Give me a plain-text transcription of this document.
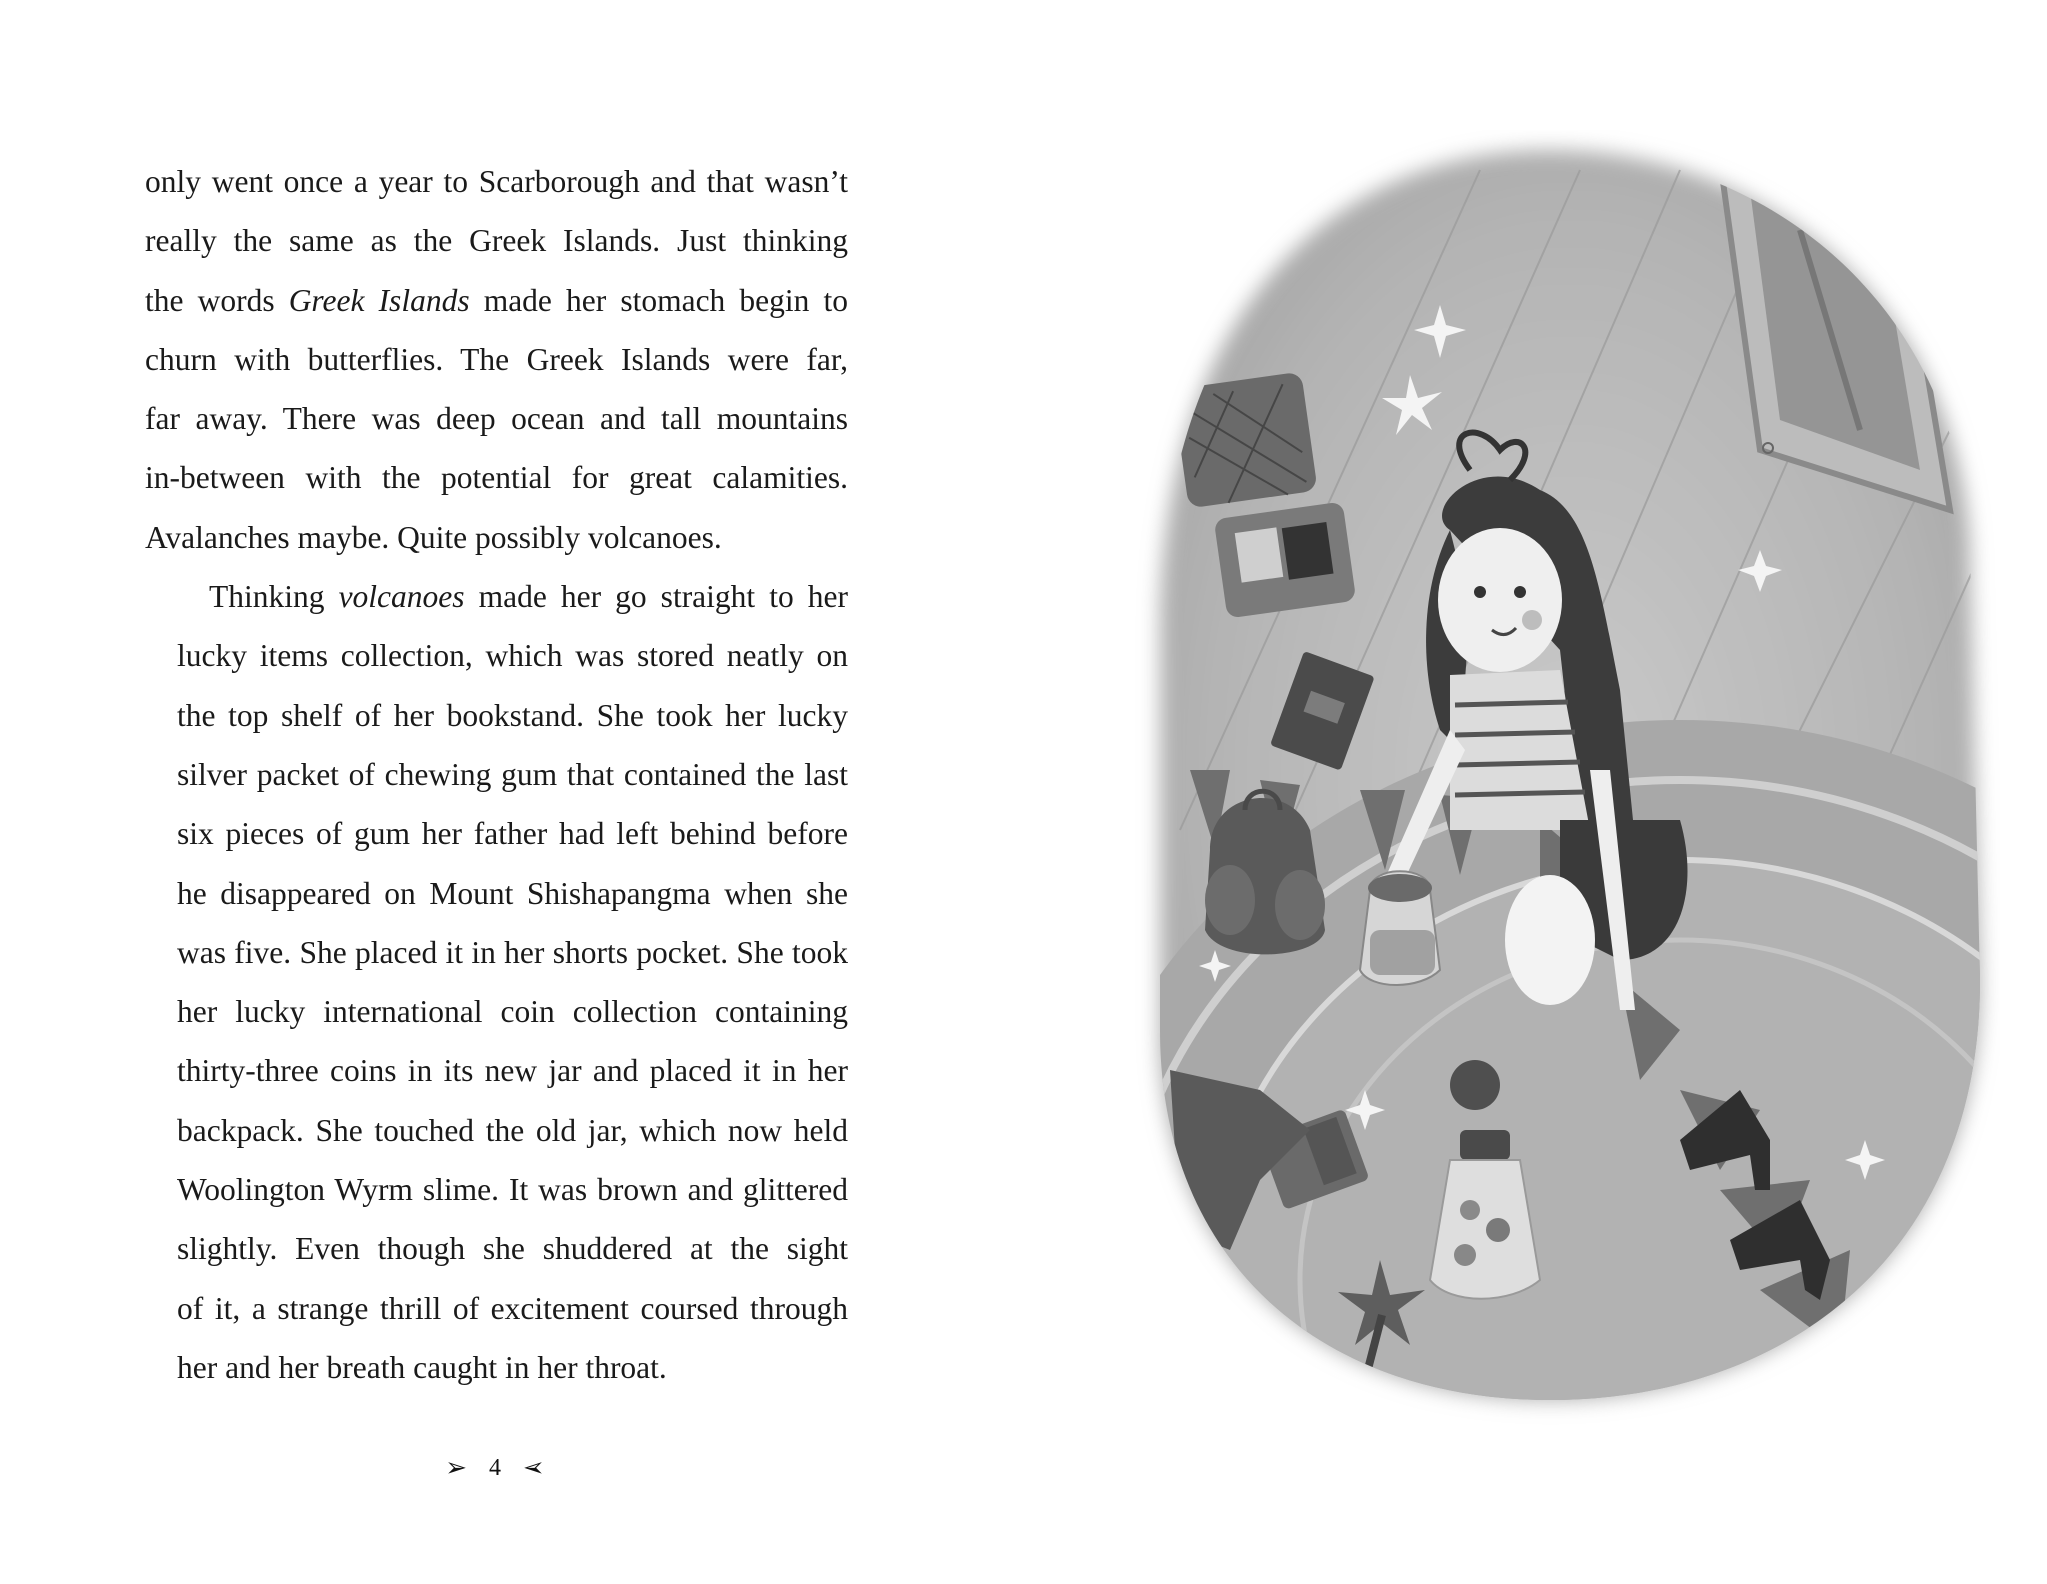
only went once a year to Scarborough and that wasn’t
really the same as the Greek Islands. Just thinking
the words Greek Islands made her stomach begin to
churn with butterflies. The Greek Islands were far,
far away. There was deep ocean and tall mountains
in-between with the potential for great calamities.
Avalanches maybe. Quite possibly volcanoes.
Thinking volcanoes made her go straight to her
lucky items collection, which was stored neatly on
the top shelf of her bookstand. She took her lucky
silver packet of chewing gum that contained the last
six pieces of gum her father had left behind before
he disappeared on Mount Shishapangma when she
was five. She placed it in her shorts pocket. She took
her lucky international coin collection containing
thirty-three coins in its new jar and placed it in her
backpack. She touched the old jar, which now held
Woolington Wyrm slime. It was brown and glittered
slightly. Even though she shuddered at the sight
of it, a strange thrill of excitement coursed through
her and her breath caught in her throat.
➢ 4 ➢
